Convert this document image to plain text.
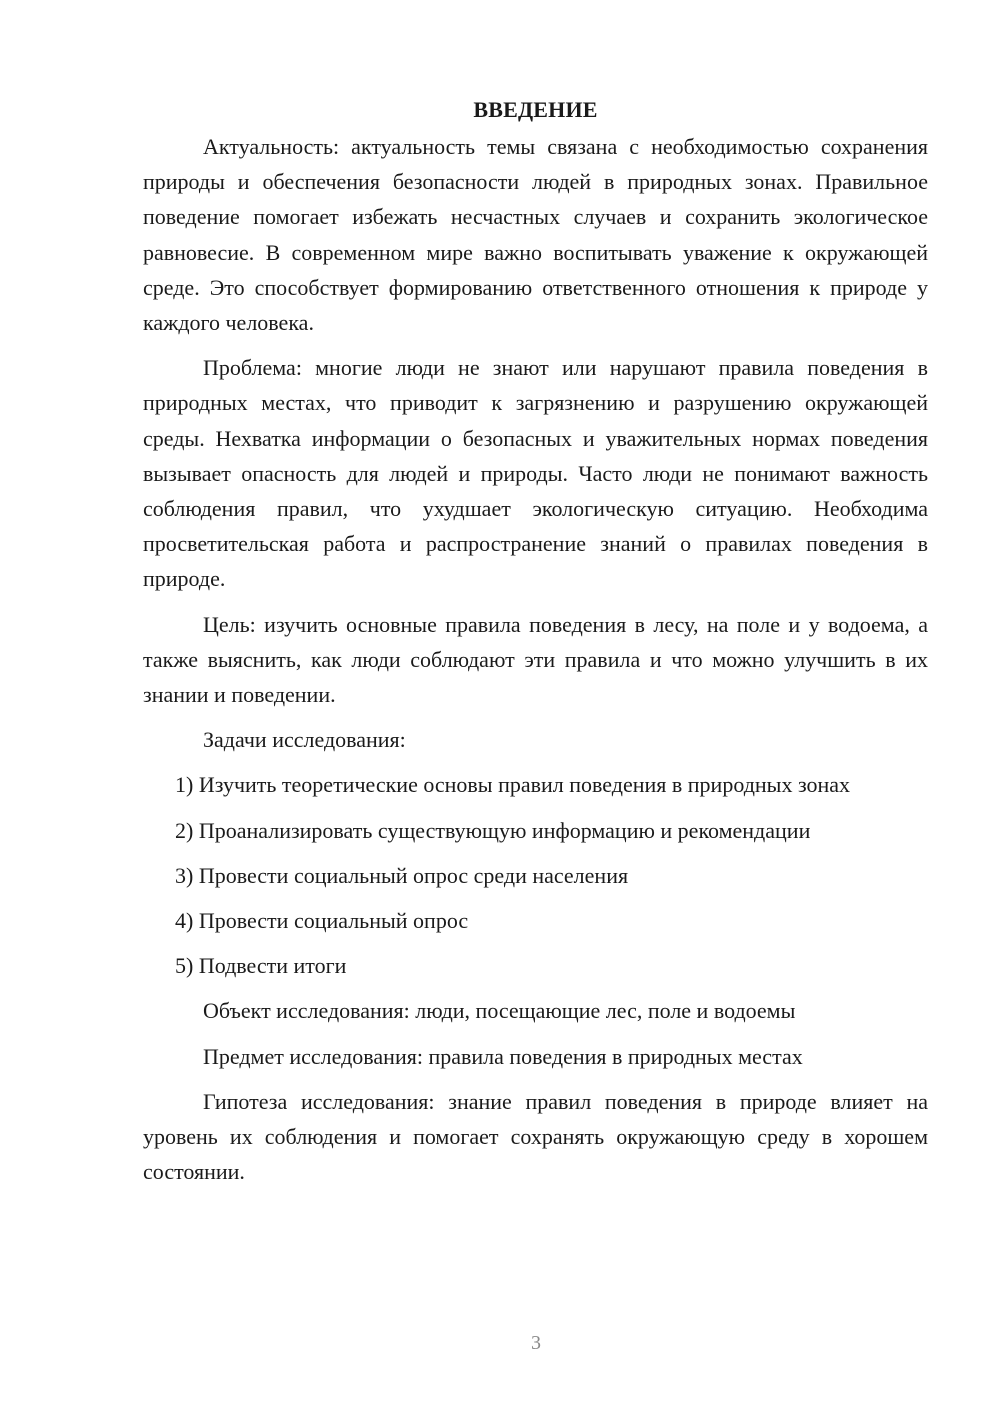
ВВЕДЕНИЕ

Актуальность: актуальность темы связана с необходимостью сохранения природы и обеспечения безопасности людей в природных зонах. Правильное поведение помогает избежать несчастных случаев и сохранить экологическое равновесие. В современном мире важно воспитывать уважение к окружающей среде. Это способствует формированию ответственного отношения к природе у каждого человека.

Проблема: многие люди не знают или нарушают правила поведения в природных местах, что приводит к загрязнению и разрушению окружающей среды. Нехватка информации о безопасных и уважительных нормах поведения вызывает опасность для людей и природы. Часто люди не понимают важность соблюдения правил, что ухудшает экологическую ситуацию. Необходима просветительская работа и распространение знаний о правилах поведения в природе.

Цель: изучить основные правила поведения в лесу, на поле и у водоема, а также выяснить, как люди соблюдают эти правила и что можно улучшить в их знании и поведении.

Задачи исследования:
1) Изучить теоретические основы правил поведения в природных зонах
2) Проанализировать существующую информацию и рекомендации
3) Провести социальный опрос среди населения
4) Провести социальный опрос
5) Подвести итоги
Объект исследования: люди, посещающие лес, поле и водоемы
Предмет исследования: правила поведения в природных местах

Гипотеза исследования: знание правил поведения в природе влияет на уровень их соблюдения и помогает сохранять окружающую среду в хорошем состоянии.

3
